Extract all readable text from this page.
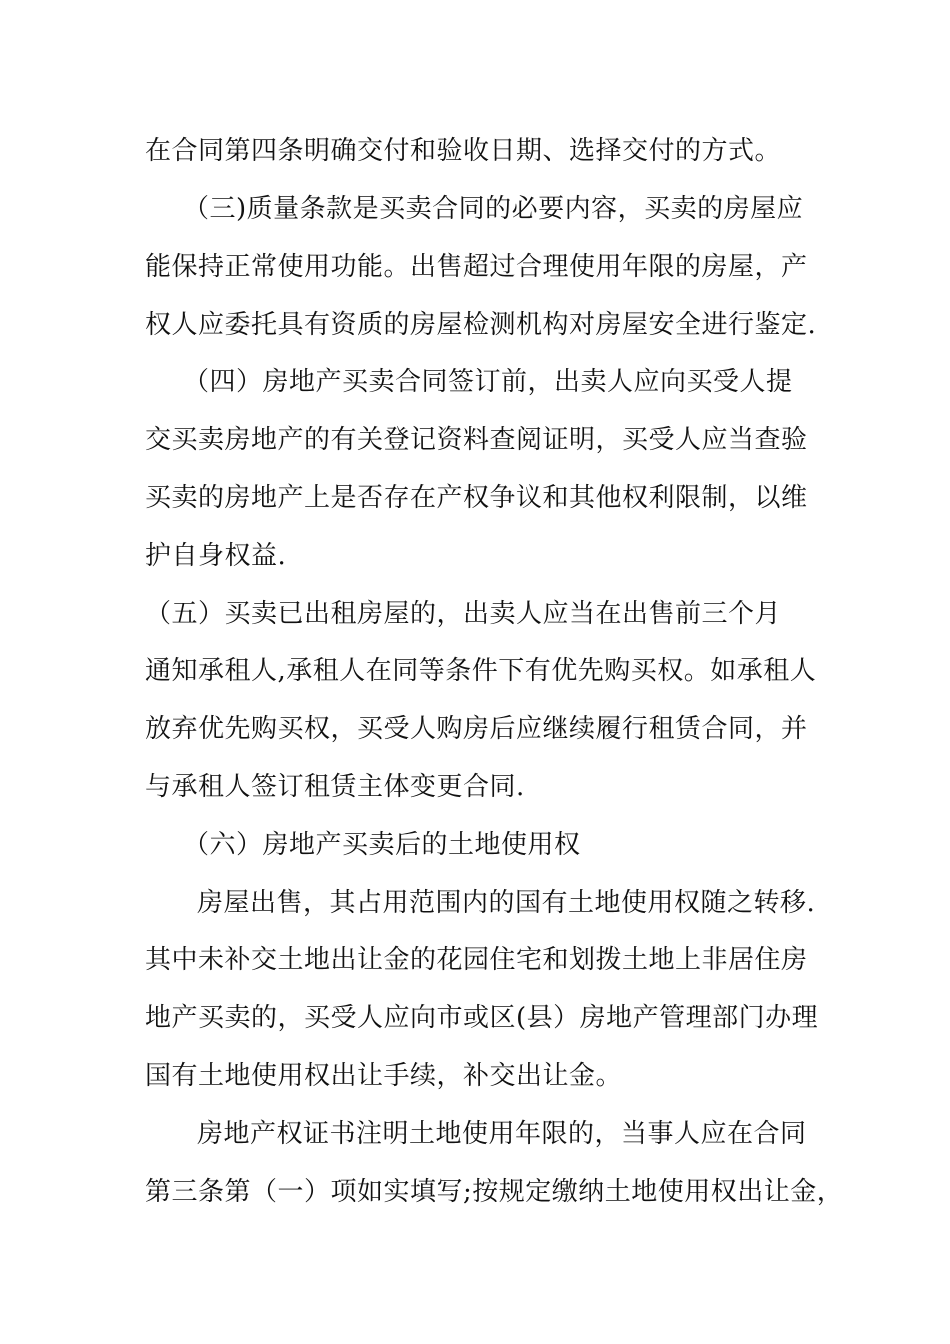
在合同第四条明确交付和验收日期、选择交付的方式。
（三)质量条款是买卖合同的必要内容，买卖的房屋应
能保持正常使用功能。出售超过合理使用年限的房屋，产
权人应委托具有资质的房屋检测机构对房屋安全进行鉴定.
（四）房地产买卖合同签订前，出卖人应向买受人提
交买卖房地产的有关登记资料查阅证明，买受人应当查验
买卖的房地产上是否存在产权争议和其他权利限制，以维
护自身权益.
（五）买卖已出租房屋的，出卖人应当在出售前三个月
通知承租人,承租人在同等条件下有优先购买权。如承租人
放弃优先购买权，买受人购房后应继续履行租赁合同，并
与承租人签订租赁主体变更合同.
（六）房地产买卖后的土地使用权
房屋出售，其占用范围内的国有土地使用权随之转移.
其中未补交土地出让金的花园住宅和划拨土地上非居住房
地产买卖的，买受人应向市或区(县）房地产管理部门办理
国有土地使用权出让手续，补交出让金。
房地产权证书注明土地使用年限的，当事人应在合同
第三条第（一）项如实填写;按规定缴纳土地使用权出让金，
